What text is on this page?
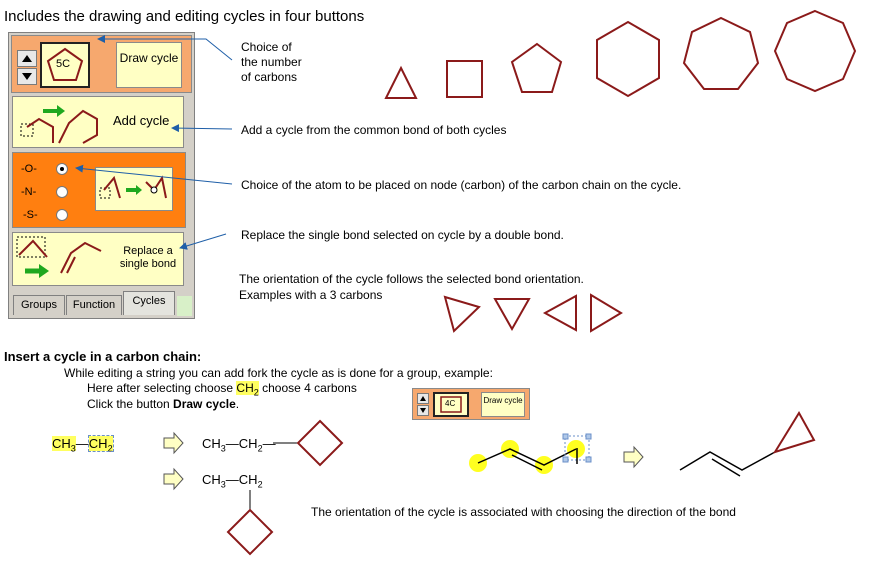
Includes the drawing and editing cycles in four buttons
5C	Draw cycle
Add cycle
-O-
-N-
-S-
Replace a single bond
Groups	Function	Cycles
Choice of
the number
of carbons
Add a cycle from the common bond of both cycles
Choice of the atom to be placed on node (carbon) of the carbon chain on the cycle.
Replace the single bond selected on cycle by a double bond.
The orientation of the cycle follows the selected bond orientation.
Examples with a 3 carbons
Insert a cycle in a carbon chain:
While editing a string you can add fork the cycle as is done for a group, example:
Here after selecting choose $CH_2$ choose 4 carbons
Click the button Draw cycle.	4C	Draw cycle
$CH_3—CH_2$	$CH_3—CH_2—$
$CH_3—CH_2$
The orientation of the cycle is associated with choosing the direction of the bond
